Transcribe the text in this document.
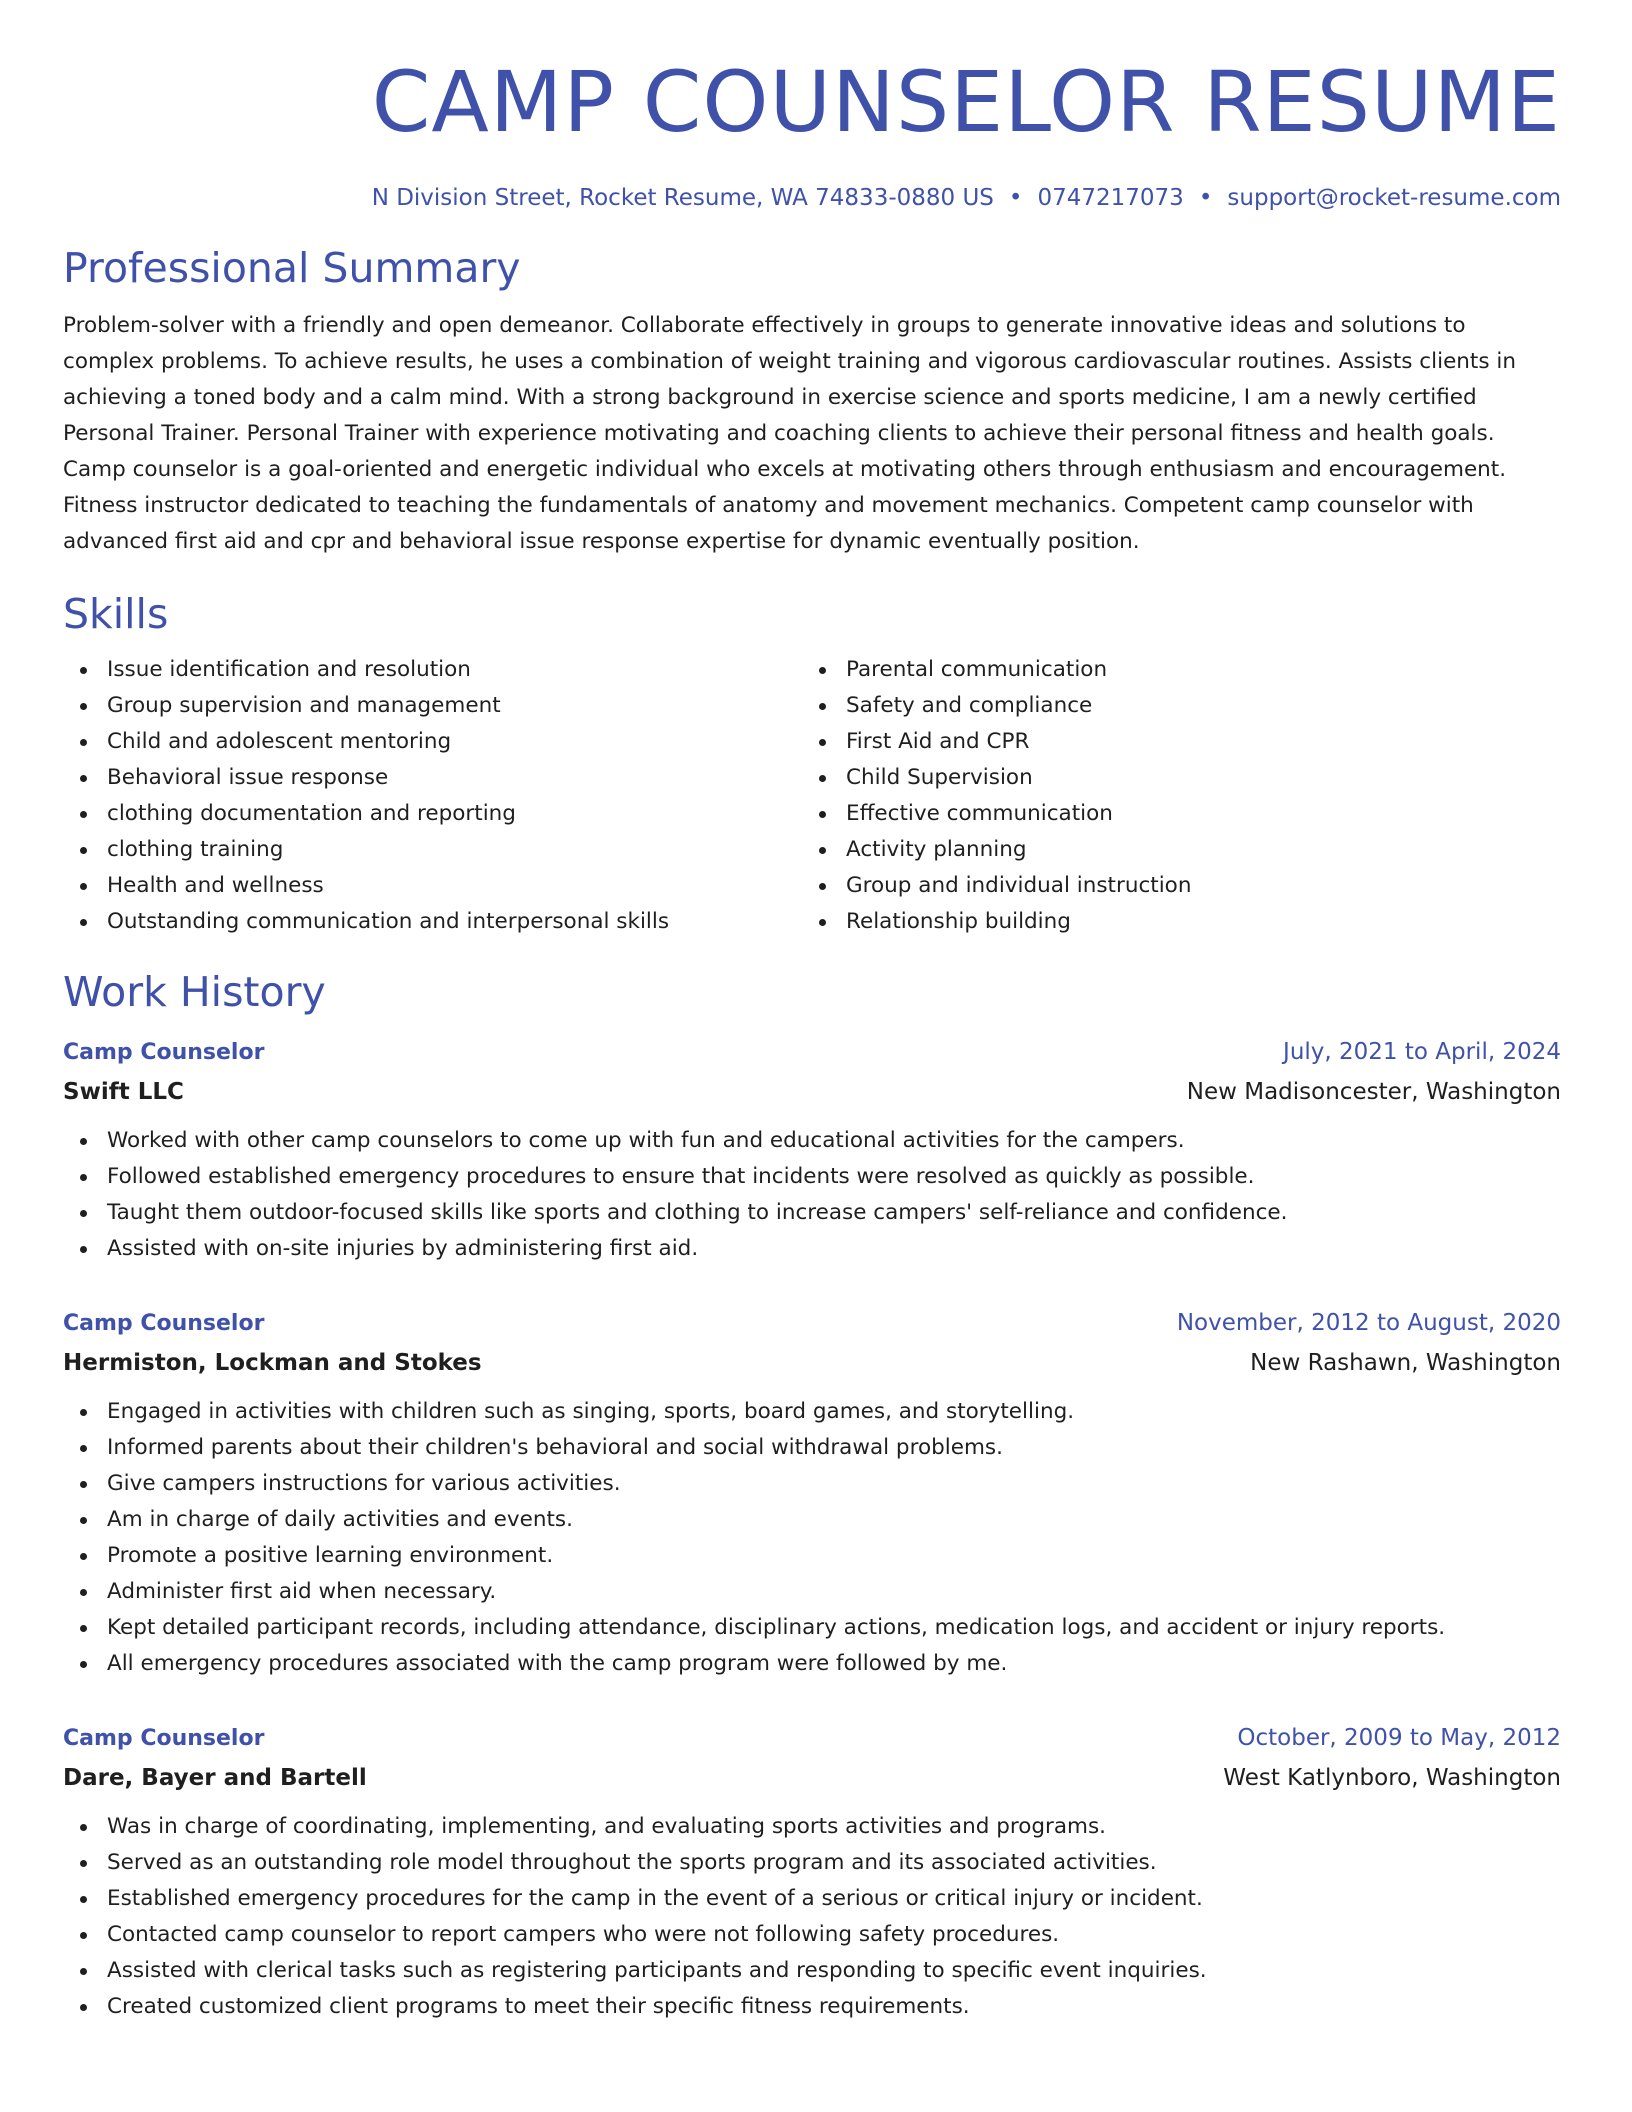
CAMP COUNSELOR RESUME
N Division Street, Rocket Resume, WA 74833-0880 US • 0747217073 • support@rocket-resume.com
Professional Summary

Problem-solver with a friendly and open demeanor. Collaborate effectively in groups to generate innovative ideas and solutions to complex problems. To achieve results, he uses a combination of weight training and vigorous cardiovascular routines. Assists clients in achieving a toned body and a calm mind. With a strong background in exercise science and sports medicine, I am a newly certified Personal Trainer. Personal Trainer with experience motivating and coaching clients to achieve their personal fitness and health goals. Camp counselor is a goal-oriented and energetic individual who excels at motivating others through enthusiasm and encouragement. Fitness instructor dedicated to teaching the fundamentals of anatomy and movement mechanics. Competent camp counselor with advanced first aid and cpr and behavioral issue response expertise for dynamic eventually position.

Skills
Issue identification and resolution
Group supervision and management
Child and adolescent mentoring
Behavioral issue response
clothing documentation and reporting
clothing training
Health and wellness
Outstanding communication and interpersonal skills
Parental communication
Safety and compliance
First Aid and CPR
Child Supervision
Effective communication
Activity planning
Group and individual instruction
Relationship building
Work History
Camp Counselor	July, 2021 to April, 2024
Swift LLC	New Madisoncester, Washington
Worked with other camp counselors to come up with fun and educational activities for the campers.
Followed established emergency procedures to ensure that incidents were resolved as quickly as possible.
Taught them outdoor-focused skills like sports and clothing to increase campers' self-reliance and confidence.
Assisted with on-site injuries by administering first aid.
Camp Counselor	November, 2012 to August, 2020
Hermiston, Lockman and Stokes	New Rashawn, Washington
Engaged in activities with children such as singing, sports, board games, and storytelling.
Informed parents about their children's behavioral and social withdrawal problems.
Give campers instructions for various activities.
Am in charge of daily activities and events.
Promote a positive learning environment.
Administer first aid when necessary.
Kept detailed participant records, including attendance, disciplinary actions, medication logs, and accident or injury reports.
All emergency procedures associated with the camp program were followed by me.
Camp Counselor	October, 2009 to May, 2012
Dare, Bayer and Bartell	West Katlynboro, Washington
Was in charge of coordinating, implementing, and evaluating sports activities and programs.
Served as an outstanding role model throughout the sports program and its associated activities.
Established emergency procedures for the camp in the event of a serious or critical injury or incident.
Contacted camp counselor to report campers who were not following safety procedures.
Assisted with clerical tasks such as registering participants and responding to specific event inquiries.
Created customized client programs to meet their specific fitness requirements.
